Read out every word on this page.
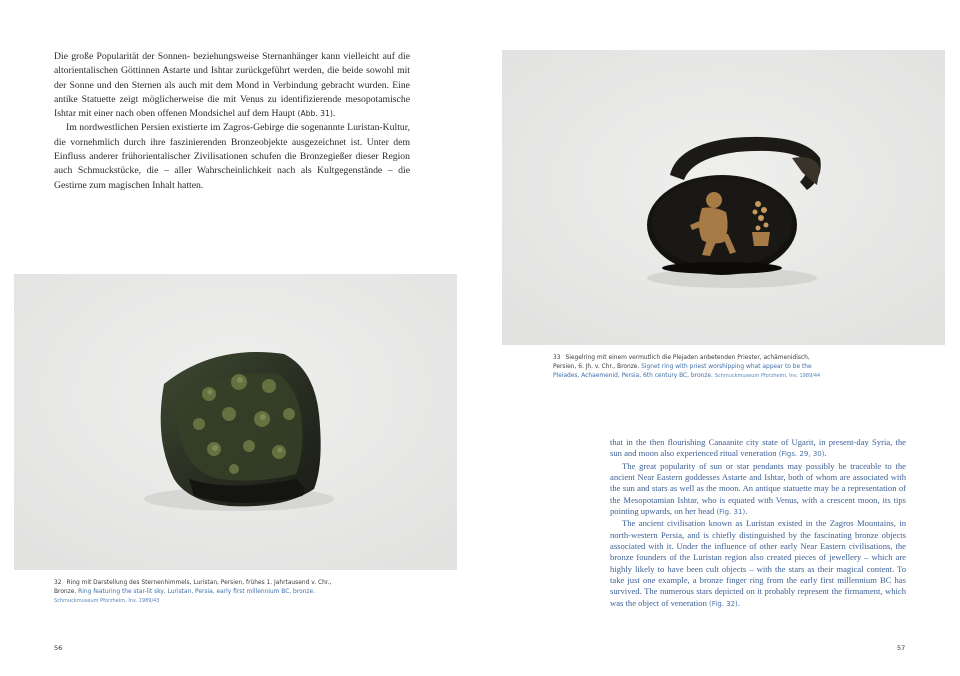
Die große Popularität der Sonnen- beziehungsweise Sternanhänger kann vielleicht auf die altorientalischen Göttinnen Astarte und Ishtar zurückgeführt werden, die beide sowohl mit der Sonne und den Sternen als auch mit dem Mond in Verbindung gebracht wurden. Eine antike Statuette zeigt möglicherweise die mit Venus zu identifizierende mesopotamische Ishtar mit einer nach oben offenen Mondsichel auf dem Haupt (Abb. 31).

Im nordwestlichen Persien existierte im Zagros-Gebirge die sogenannte Luristan-Kultur, die vornehmlich durch ihre faszinierenden Bronzeobjekte ausgezeichnet ist. Unter dem Einfluss anderer frühorientalischer Zivilisationen schufen die Bronzegießer dieser Region auch Schmuckstücke, die – aller Wahrscheinlichkeit nach als Kultgegenstände – die Gestirne zum magischen Inhalt hatten.

32 Ring mit Darstellung des Sternenhimmels, Luristan, Persien, frühes 1. Jahrtausend v. Chr., Bronze. Ring featuring the star-lit sky, Luristan, Persia, early first millennium BC, bronze.
Schmuckmuseum Pforzheim, Inv. 1989/43
33 Siegelring mit einem vermutlich die Plejaden anbetenden Priester, achämenidisch, Persien, 6. Jh. v. Chr., Bronze. Signet ring with priest worshipping what appear to be the Pleiades, Achaemenid, Persia, 6th century BC, bronze. Schmuckmuseum Pforzheim, Inv. 1989/44

that in the then flourishing Canaanite city state of Ugarit, in present-day Syria, the sun and moon also experienced ritual veneration (Figs. 29, 30).

The great popularity of sun or star pendants may possibly be traceable to the ancient Near Eastern goddesses Astarte and Ishtar, both of whom are associated with the sun and stars as well as the moon. An antique statuette may be a representation of the Mesopotamian Ishtar, who is equated with Venus, with a crescent moon, its tips pointing upwards, on her head (Fig. 31).

The ancient civilisation known as Luristan existed in the Zagros Mountains, in north-western Persia, and is chiefly distinguished by the fascinating bronze objects associated with it. Under the influence of other early Near Eastern civilisations, the bronze founders of the Luristan region also created pieces of jewellery – which are highly likely to have been cult objects – with the stars as their magical content. To take just one example, a bronze finger ring from the early first millennium BC has survived. The numerous stars depicted on it probably represent the firmament, which was the object of veneration (Fig. 32).

56	57
